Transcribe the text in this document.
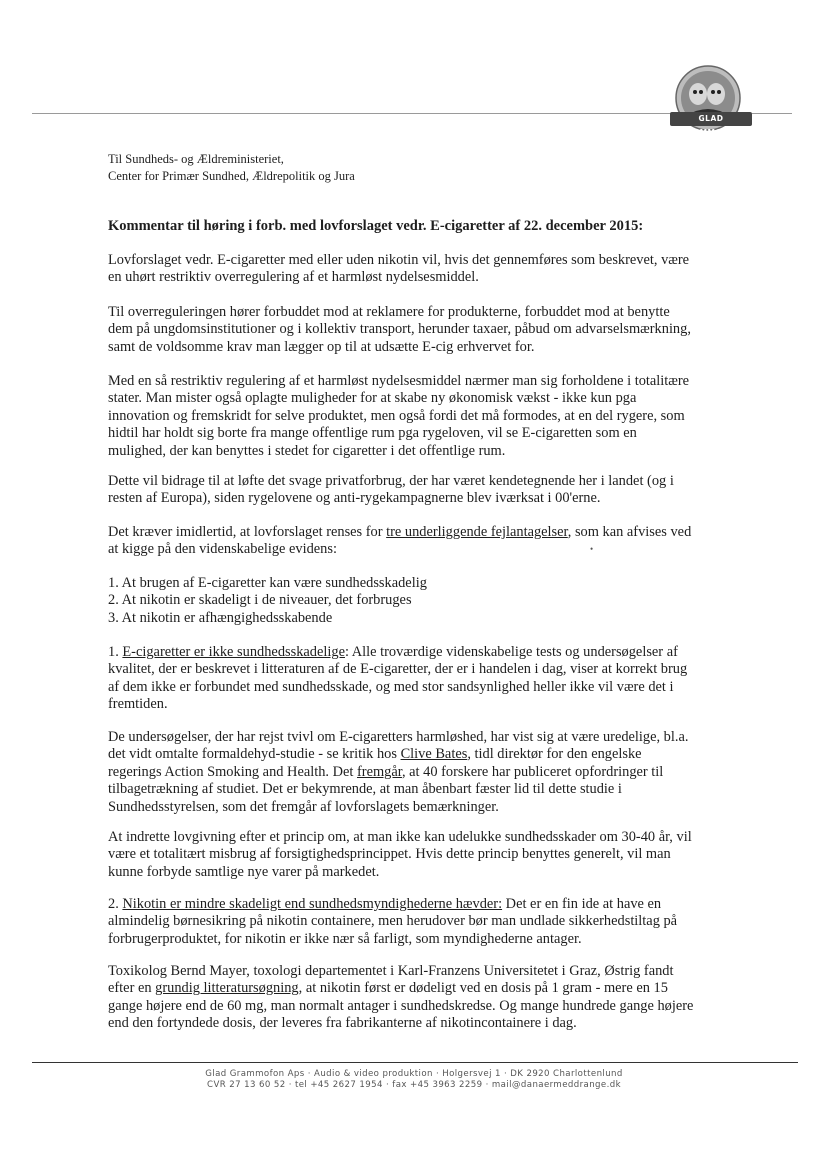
GLAD GRAMMOFON
Til Sundheds- og Ældreministeriet,
Center for Primær Sundhed, Ældrepolitik og Jura

Kommentar til høring i forb. med lovforslaget vedr. E-cigaretter af 22. december 2015:

Lovforslaget vedr. E-cigaretter med eller uden nikotin vil, hvis det gennemføres som beskrevet, være en uhørt restriktiv overregulering af et harmløst nydelsesmiddel.

Til overreguleringen hører forbuddet mod at reklamere for produkterne, forbuddet mod at benytte dem på ungdomsinstitutioner og i kollektiv transport, herunder taxaer, påbud om advarselsmærkning, samt de voldsomme krav man lægger op til at udsætte E-cig erhvervet for.

Med en så restriktiv regulering af et harmløst nydelsesmiddel nærmer man sig forholdene i totalitære stater. Man mister også oplagte muligheder for at skabe ny økonomisk vækst - ikke kun pga innovation og fremskridt for selve produktet, men også fordi det må formodes, at en del rygere, som hidtil har holdt sig borte fra mange offentlige rum pga rygeloven, vil se E-cigaretten som en mulighed, der kan benyttes i stedet for cigaretter i det offentlige rum.

Dette vil bidrage til at løfte det svage privatforbrug, der har været kendetegnende her i landet (og i resten af Europa), siden rygelovene og anti-rygekampagnerne blev iværksat i 00'erne.

Det kræver imidlertid, at lovforslaget renses for tre underliggende fejlantagelser, som kan afvises ved at kigge på den videnskabelige evidens:

1. At brugen af E-cigaretter kan være sundhedsskadelig
2. At nikotin er skadeligt i de niveauer, det forbruges
3. At nikotin er afhængighedsskabende

1. E-cigaretter er ikke sundhedsskadelige: Alle troværdige videnskabelige tests og undersøgelser af kvalitet, der er beskrevet i litteraturen af de E-cigaretter, der er i handelen i dag, viser at korrekt brug af dem ikke er forbundet med sundhedsskade, og med stor sandsynlighed heller ikke vil være det i fremtiden.

De undersøgelser, der har rejst tvivl om E-cigaretters harmløshed, har vist sig at være uredelige, bl.a. det vidt omtalte formaldehyd-studie - se kritik hos Clive Bates, tidl direktør for den engelske regerings Action Smoking and Health. Det fremgår, at 40 forskere har publiceret opfordringer til tilbagetrækning af studiet. Det er bekymrende, at man åbenbart fæster lid til dette studie i Sundhedsstyrelsen, som det fremgår af lovforslagets bemærkninger.

At indrette lovgivning efter et princip om, at man ikke kan udelukke sundhedsskader om 30-40 år, vil være et totalitært misbrug af forsigtighedsprincippet. Hvis dette princip benyttes generelt, vil man kunne forbyde samtlige nye varer på markedet.

2. Nikotin er mindre skadeligt end sundhedsmyndighederne hævder: Det er en fin ide at have en almindelig børnesikring på nikotin containere, men herudover bør man undlade sikkerhedstiltag på forbrugerproduktet, for nikotin er ikke nær så farligt, som myndighederne antager.

Toxikolog Bernd Mayer, toxologi departementet i Karl-Franzens Universitetet i Graz, Østrig fandt efter en grundig litteratursøgning, at nikotin først er dødeligt ved en dosis på 1 gram - mere en 15 gange højere end de 60 mg, man normalt antager i sundhedskredse. Og mange hundrede gange højere end den fortyndede dosis, der leveres fra fabrikanterne af nikotincontainere i dag.

•
Glad Grammofon Aps · Audio & video produktion · Holgersvej 1 · DK 2920 Charlottenlund
CVR 27 13 60 52 · tel +45 2627 1954 · fax +45 3963 2259 · mail@danaermeddrange.dk
